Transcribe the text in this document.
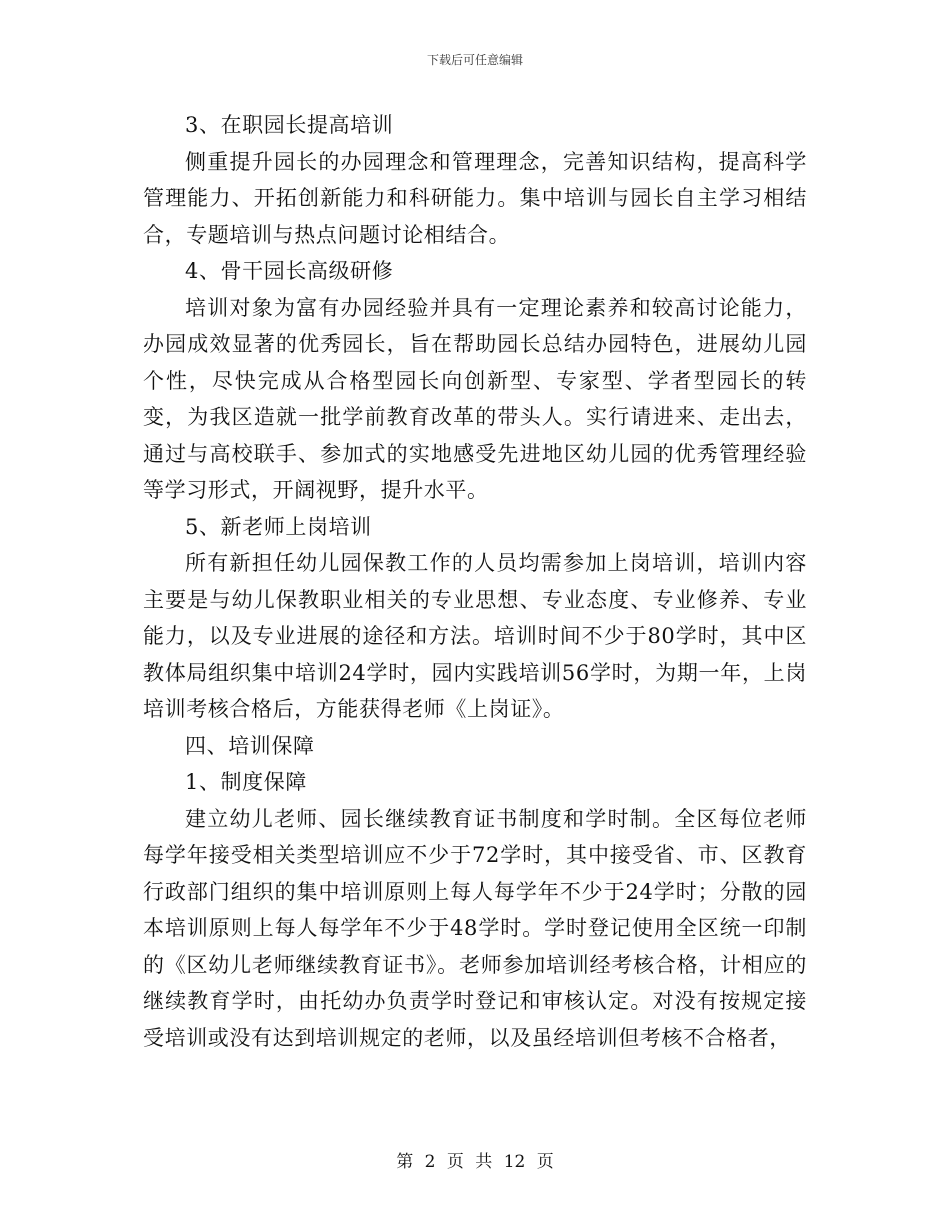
下载后可任意编辑

3、在职园长提高培训

侧重提升园长的办园理念和管理理念，完善知识结构，提高科学管理能力、开拓创新能力和科研能力。集中培训与园长自主学习相结合，专题培训与热点问题讨论相结合。

4、骨干园长高级研修

培训对象为富有办园经验并具有一定理论素养和较高讨论能力，办园成效显著的优秀园长，旨在帮助园长总结办园特色，进展幼儿园个性，尽快完成从合格型园长向创新型、专家型、学者型园长的转变，为我区造就一批学前教育改革的带头人。实行请进来、走出去，通过与高校联手、参加式的实地感受先进地区幼儿园的优秀管理经验等学习形式，开阔视野，提升水平。

5、新老师上岗培训

所有新担任幼儿园保教工作的人员均需参加上岗培训，培训内容主要是与幼儿保教职业相关的专业思想、专业态度、专业修养、专业能力，以及专业进展的途径和方法。培训时间不少于80学时，其中区教体局组织集中培训24学时，园内实践培训56学时，为期一年，上岗培训考核合格后，方能获得老师《上岗证》。

四、培训保障

1、制度保障

建立幼儿老师、园长继续教育证书制度和学时制。全区每位老师每学年接受相关类型培训应不少于72学时，其中接受省、市、区教育行政部门组织的集中培训原则上每人每学年不少于24学时；分散的园本培训原则上每人每学年不少于48学时。学时登记使用全区统一印制的《区幼儿老师继续教育证书》。老师参加培训经考核合格，计相应的继续教育学时，由托幼办负责学时登记和审核认定。对没有按规定接受培训或没有达到培训规定的老师，以及虽经培训但考核不合格者，

第 2 页 共 12 页
